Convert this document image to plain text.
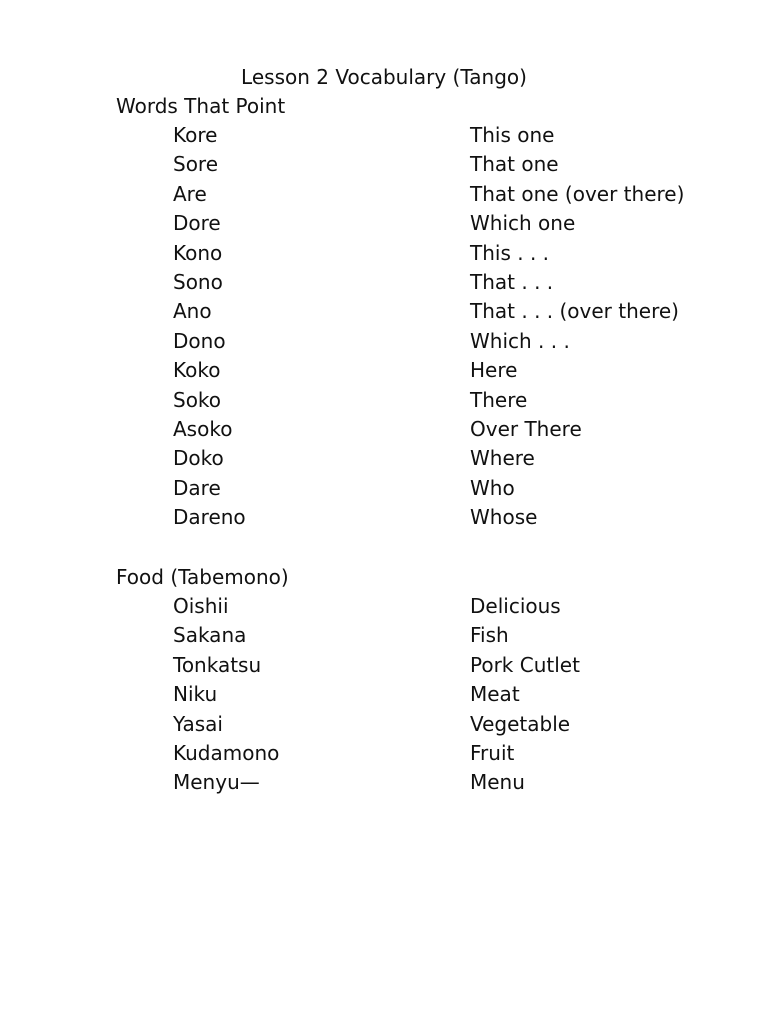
Lesson 2 Vocabulary (Tango)
Words That Point
Kore	This one
Sore	That one
Are	That one (over there)
Dore	Which one
Kono	This . . .
Sono	That . . .
Ano	That . . . (over there)
Dono	Which . . .
Koko	Here
Soko	There
Asoko	Over There
Doko	Where
Dare	Who
Dareno	Whose
Food (Tabemono)
Oishii	Delicious
Sakana	Fish
Tonkatsu	Pork Cutlet
Niku	Meat
Yasai	Vegetable
Kudamono	Fruit
Menyu—	Menu
